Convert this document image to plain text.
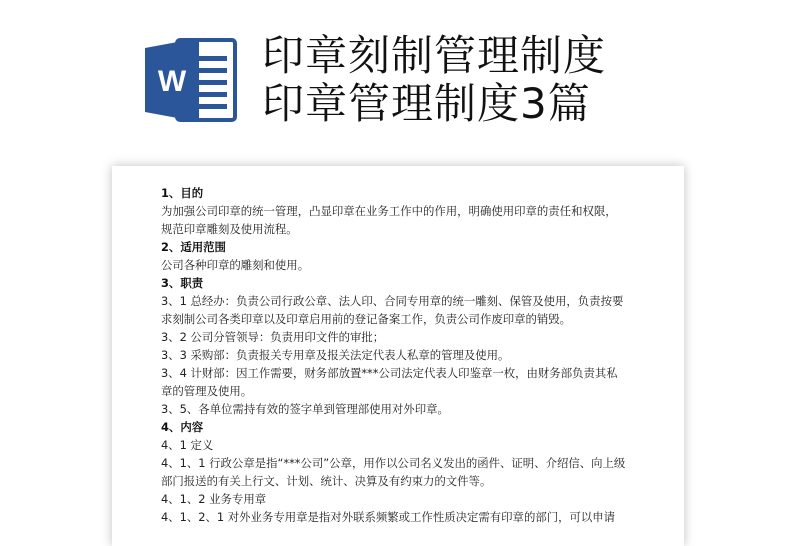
W
印章刻制管理制度
印章管理制度3篇

1、目的

为加强公司印章的统一管理，凸显印章在业务工作中的作用，明确使用印章的责任和权限，

规范印章雕刻及使用流程。

2、适用范围

公司各种印章的雕刻和使用。

3、职责

3、1 总经办：负责公司行政公章、法人印、合同专用章的统一雕刻、保管及使用，负责按要

求刻制公司各类印章以及印章启用前的登记备案工作，负责公司作废印章的销毁。

3、2 公司分管领导：负责用印文件的审批；

3、3 采购部：负责报关专用章及报关法定代表人私章的管理及使用。

3、4 计财部：因工作需要，财务部放置***公司法定代表人印鉴章一枚，由财务部负责其私

章的管理及使用。

3、5、各单位需持有效的签字单到管理部使用对外印章。

4、内容

4、1 定义

4、1、1 行政公章是指“***公司”公章，用作以公司名义发出的函件、证明、介绍信、向上级

部门报送的有关上行文、计划、统计、决算及有约束力的文件等。

4、1、2 业务专用章

4、1、2、1 对外业务专用章是指对外联系频繁或工作性质决定需有印章的部门，可以申请
